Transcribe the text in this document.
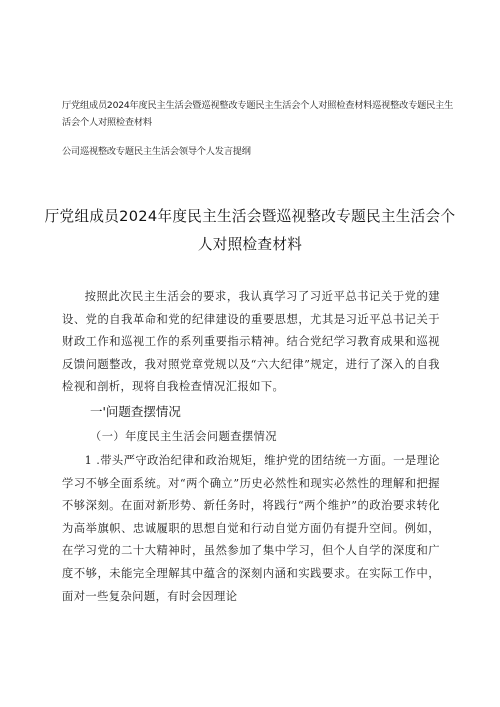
厅党组成员2024年度民主生活会暨巡视整改专题民主生活会个人对照检查材料巡视整改专题民主生活会个人对照检查材料
公司巡视整改专题民主生活会领导个人发言提纲
厅党组成员2024年度民主生活会暨巡视整改专题民主生活会个人对照检查材料
按照此次民主生活会的要求，我认真学习了习近平总书记关于党的建设、党的自我革命和党的纪律建设的重要思想，尤其是习近平总书记关于财政工作和巡视工作的系列重要指示精神。结合党纪学习教育成果和巡视反馈问题整改，我对照党章党规以及“六大纪律”规定，进行了深入的自我检视和剖析，现将自我检查情况汇报如下。
一'问题查摆情况
（一）年度民主生活会问题查摆情况
1 .带头严守政治纪律和政治规矩，维护党的团结统一方面。一是理论学习不够全面系统。对“两个确立”历史必然性和现实必然性的理解和把握不够深刻。在面对新形势、新任务时，将践行“两个维护”的政治要求转化为高举旗帜、忠诚履职的思想自觉和行动自觉方面仍有提升空间。例如，在学习党的二十大精神时，虽然参加了集中学习，但个人自学的深度和广度不够，未能完全理解其中蕴含的深刻内涵和实践要求。在实际工作中，面对一些复杂问题，有时会因理论
